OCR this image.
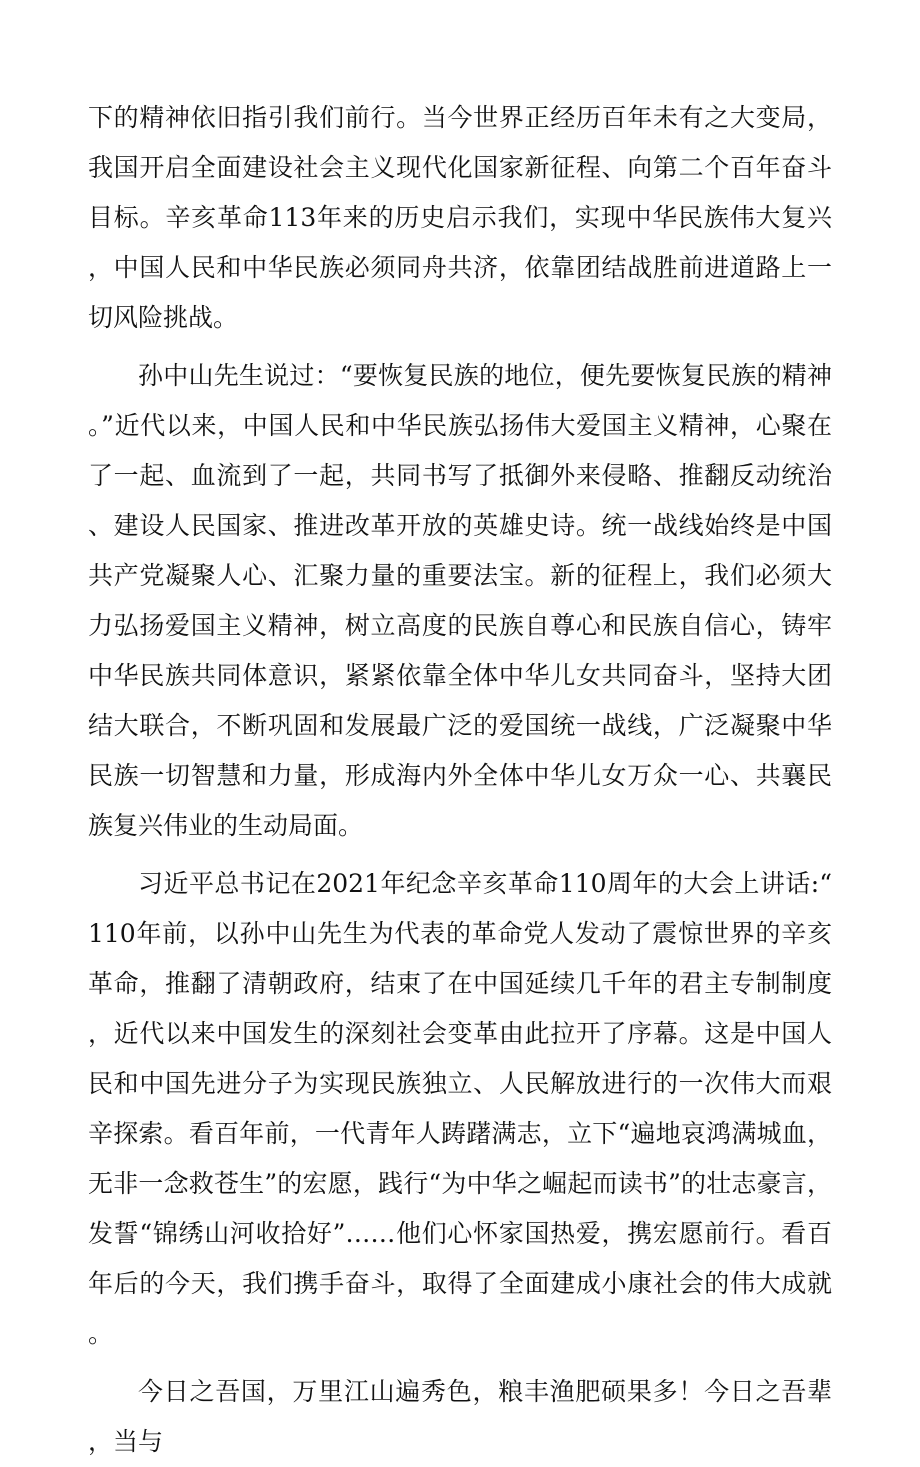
下的精神依旧指引我们前行。当今世界正经历百年未有之大变局，我国开启全面建设社会主义现代化国家新征程、向第二个百年奋斗目标。辛亥革命113年来的历史启示我们，实现中华民族伟大复兴，中国人民和中华民族必须同舟共济，依靠团结战胜前进道路上一切风险挑战。

孙中山先生说过：“要恢复民族的地位，便先要恢复民族的精神。”近代以来，中国人民和中华民族弘扬伟大爱国主义精神，心聚在了一起、血流到了一起，共同书写了抵御外来侵略、推翻反动统治、建设人民国家、推进改革开放的英雄史诗。统一战线始终是中国共产党凝聚人心、汇聚力量的重要法宝。新的征程上，我们必须大力弘扬爱国主义精神，树立高度的民族自尊心和民族自信心，铸牢中华民族共同体意识，紧紧依靠全体中华儿女共同奋斗，坚持大团结大联合，不断巩固和发展最广泛的爱国统一战线，广泛凝聚中华民族一切智慧和力量，形成海内外全体中华儿女万众一心、共襄民族复兴伟业的生动局面。

习近平总书记在2021年纪念辛亥革命110周年的大会上讲话:“110年前，以孙中山先生为代表的革命党人发动了震惊世界的辛亥革命，推翻了清朝政府，结束了在中国延续几千年的君主专制制度，近代以来中国发生的深刻社会变革由此拉开了序幕。这是中国人民和中国先进分子为实现民族独立、人民解放进行的一次伟大而艰辛探索。看百年前，一代青年人踌躇满志，立下“遍地哀鸿满城血，无非一念救苍生”的宏愿，践行“为中华之崛起而读书”的壮志豪言，发誓“锦绣山河收拾好”……他们心怀家国热爱，携宏愿前行。看百年后的今天，我们携手奋斗，取得了全面建成小康社会的伟大成就。

今日之吾国，万里江山遍秀色，粮丰渔肥硕果多！今日之吾辈，当与
